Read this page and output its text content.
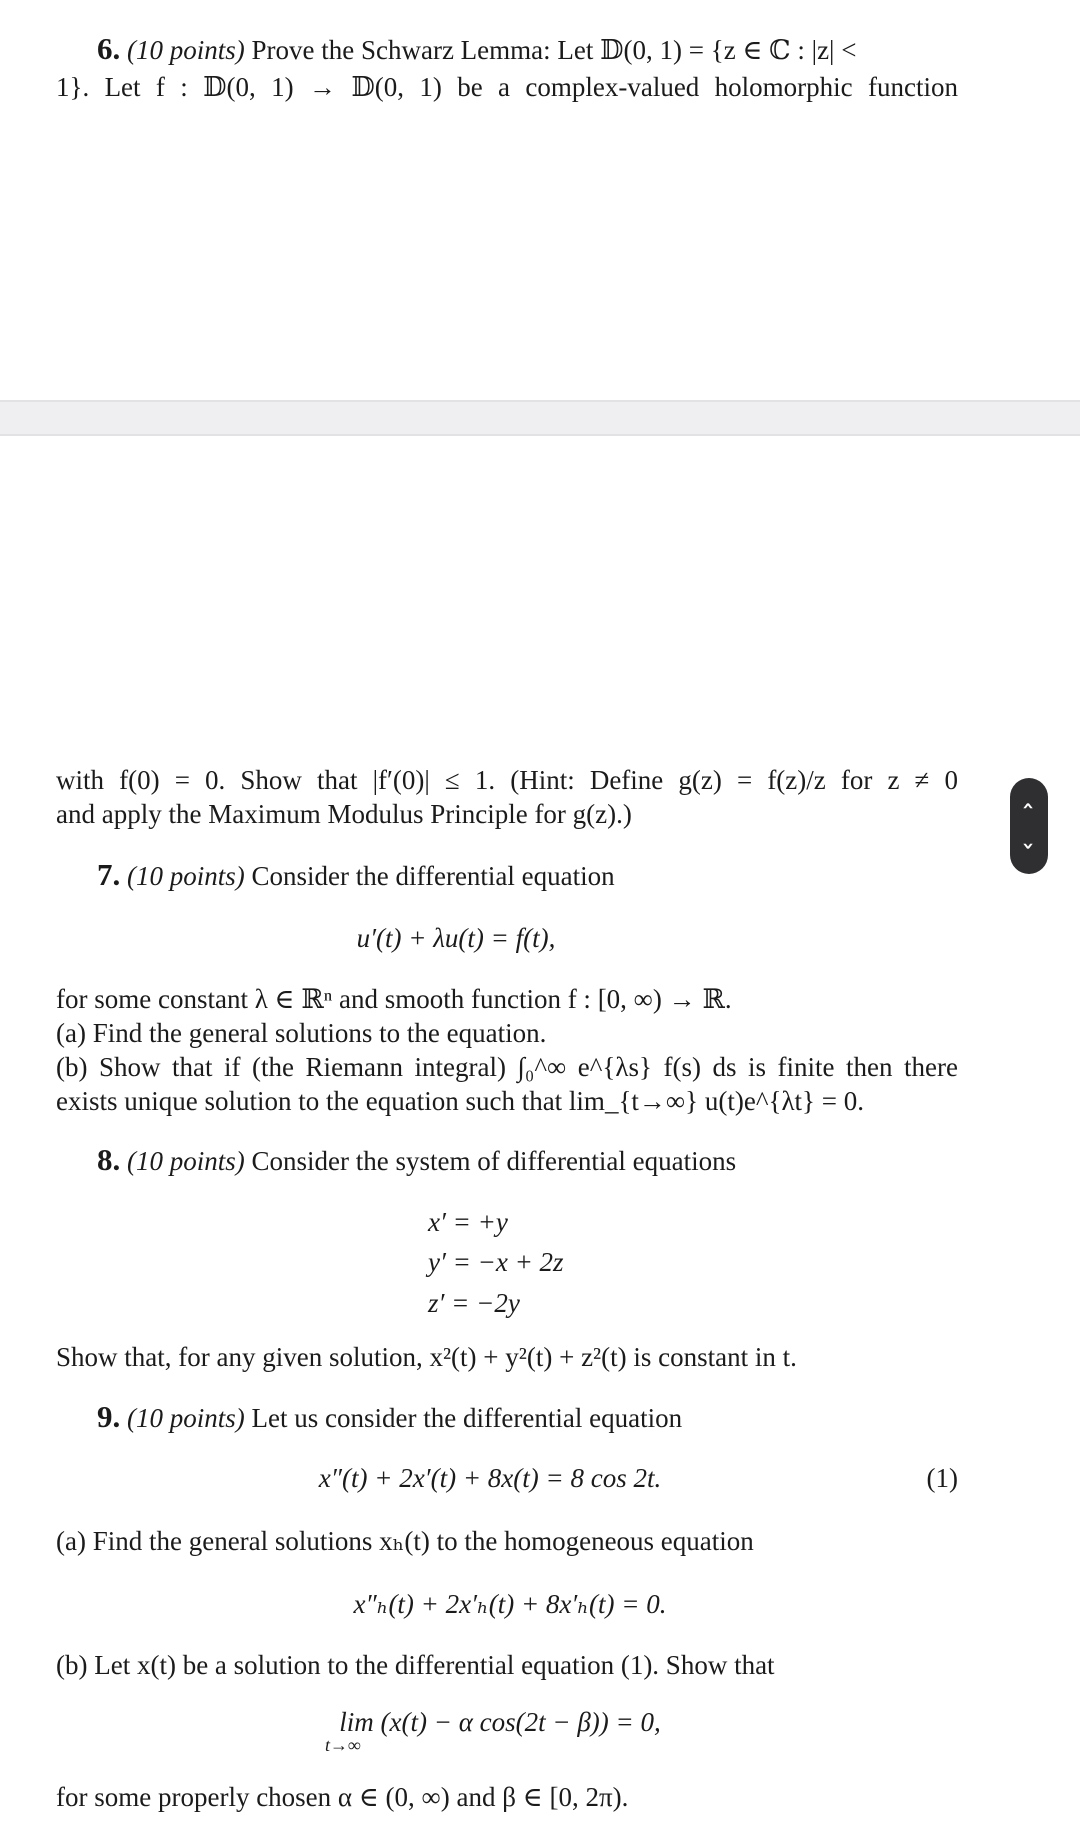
6. (10 points) Prove the Schwarz Lemma: Let 𝔻(0, 1) = {z ∈ ℂ : |z| <
1}. Let f : 𝔻(0, 1) → 𝔻(0, 1) be a complex-valued holomorphic function
with f(0) = 0. Show that |f′(0)| ≤ 1. (Hint: Define g(z) = f(z)/z for z ≠ 0
and apply the Maximum Modulus Principle for g(z).)	‹
›
7. (10 points) Consider the differential equation
u′(t) + λu(t) = f(t),
for some constant λ ∈ ℝⁿ and smooth function f : [0, ∞) → ℝ.
(a) Find the general solutions to the equation.
(b) Show that if (the Riemann integral) ∫₀^∞ e^{λs} f(s) ds is finite then there
exists unique solution to the equation such that lim_{t→∞} u(t)e^{λt} = 0.
8. (10 points) Consider the system of differential equations
x′ = +y
y′ = −x + 2z
z′ = −2y
Show that, for any given solution, x²(t) + y²(t) + z²(t) is constant in t.
9. (10 points) Let us consider the differential equation
x″(t) + 2x′(t) + 8x(t) = 8 cos 2t.	(1)
(a) Find the general solutions xₕ(t) to the homogeneous equation
x″ₕ(t) + 2x′ₕ(t) + 8x′ₕ(t) = 0.
(b) Let x(t) be a solution to the differential equation (1). Show that
lim (x(t) − α cos(2t − β)) = 0,
t→∞
for some properly chosen α ∈ (0, ∞) and β ∈ [0, 2π).
